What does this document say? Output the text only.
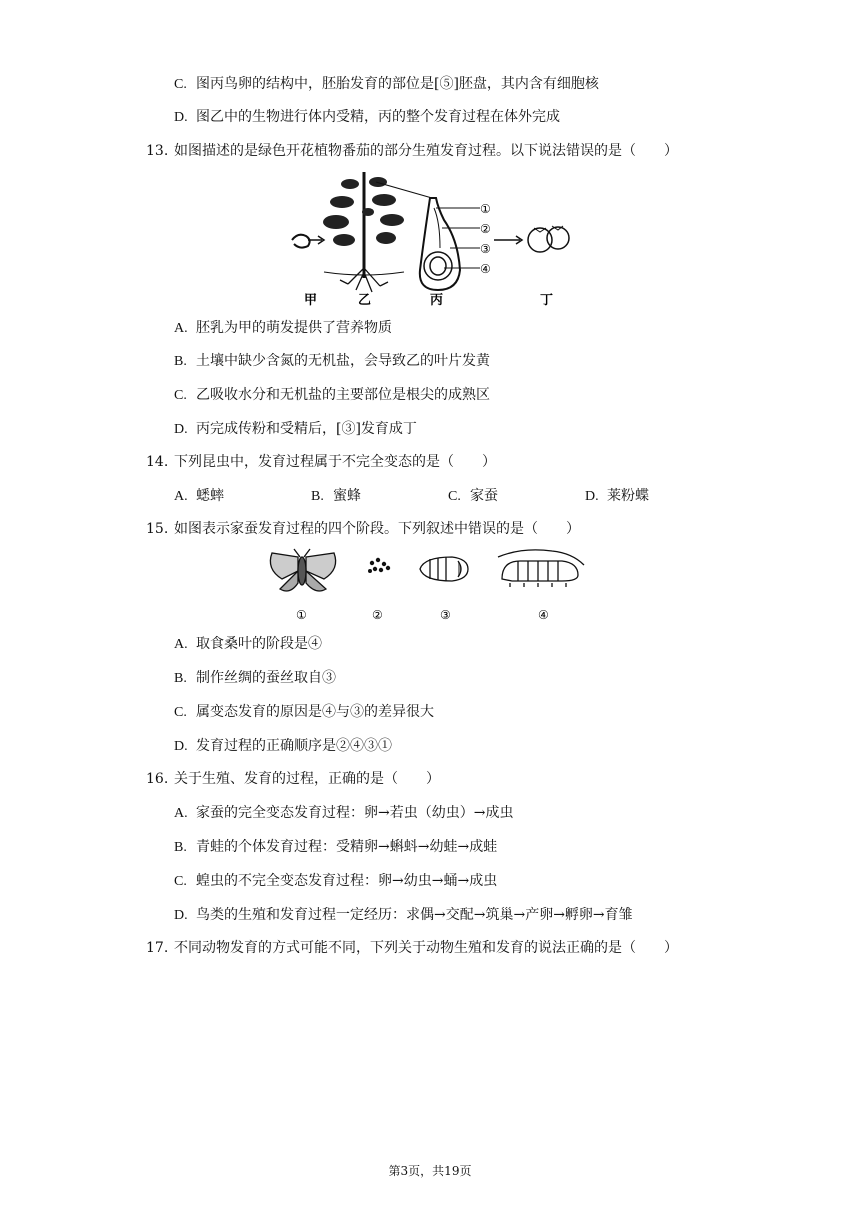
C. 图丙鸟卵的结构中，胚胎发育的部位是[⑤]胚盘，其内含有细胞核
D. 图乙中的生物进行体内受精，丙的整个发育过程在体外完成
13. 如图描述的是绿色开花植物番茄的部分生殖发育过程。以下说法错误的是（　　）
①
②
③
④
甲	乙	丙	丁
A. 胚乳为甲的萌发提供了营养物质
B. 土壤中缺少含氮的无机盐，会导致乙的叶片发黄
C. 乙吸收水分和无机盐的主要部位是根尖的成熟区
D. 丙完成传粉和受精后，[③]发育成丁
14. 下列昆虫中，发育过程属于不完全变态的是（　　）
A. 蟋蟀	B. 蜜蜂	C. 家蚕	D. 莱粉蝶
15. 如图表示家蚕发育过程的四个阶段。下列叙述中错误的是（　　）
①	②	③	④
A. 取食桑叶的阶段是④
B. 制作丝绸的蚕丝取自③
C. 属变态发育的原因是④与③的差异很大
D. 发育过程的正确顺序是②④③①
16. 关于生殖、发育的过程，正确的是（　　）
A. 家蚕的完全变态发育过程：卵→若虫（幼虫）→成虫
B. 青蛙的个体发育过程：受精卵→蝌蚪→幼蛙→成蛙
C. 蝗虫的不完全变态发育过程：卵→幼虫→蛹→成虫
D. 鸟类的生殖和发育过程一定经历：求偶→交配→筑巢→产卵→孵卵→育雏
17. 不同动物发育的方式可能不同，下列关于动物生殖和发育的说法正确的是（　　）
第3页，共19页
